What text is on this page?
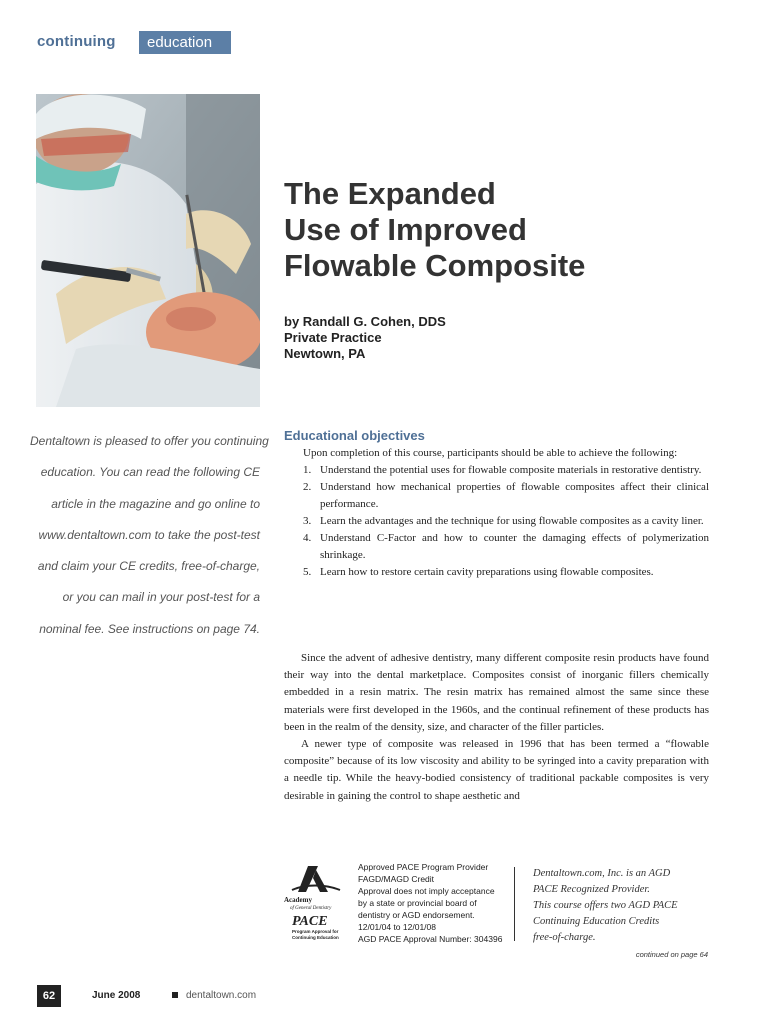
continuing	education
The Expanded
Use of Improved
Flowable Composite
by Randall G. Cohen, DDS
Private Practice
Newtown, PA
Dentaltown is pleased to offer you continuing
education. You can read the following CE
article in the magazine and go online to
www.dentaltown.com to take the post-test
and claim your CE credits, free-of-charge,
or you can mail in your post-test for a
nominal fee. See instructions on page 74.
Educational objectives
Upon completion of this course, participants should be able to achieve the following:
1. Understand the potential uses for flowable composite materials in restorative dentistry.
2. Understand how mechanical properties of flowable composites affect their clinical performance.
3. Learn the advantages and the technique for using flowable composites as a cavity liner.
4. Understand C-Factor and how to counter the damaging effects of polymerization shrinkage.
5. Learn how to restore certain cavity preparations using flowable composites.

Since the advent of adhesive dentistry, many different composite resin products have found their way into the dental marketplace. Composites consist of inorganic fillers chemically embedded in a resin matrix. The resin matrix has remained almost the same since these materials were first developed in the 1960s, and the continual refinement of these products has been in the realm of the density, size, and character of the filler particles.

A newer type of composite was released in 1996 that has been termed a “flowable composite” because of its low viscosity and ability to be syringed into a cavity preparation with a needle tip. While the heavy-bodied consistency of traditional packable composites is very desirable in gaining the control to shape aesthetic and

Academy
of General Dentistry
PACE
Program Approval for
Continuing Education
Approved PACE Program Provider
FAGD/MAGD Credit
Approval does not imply acceptance
by a state or provincial board of
dentistry or AGD endorsement.
12/01/04 to 12/01/08
AGD PACE Approval Number: 304396
Dentaltown.com, Inc. is an AGD
PACE Recognized Provider.
This course offers two AGD PACE
Continuing Education Credits
free-of-charge.
continued on page 64
62	June 2008	dentaltown.com
